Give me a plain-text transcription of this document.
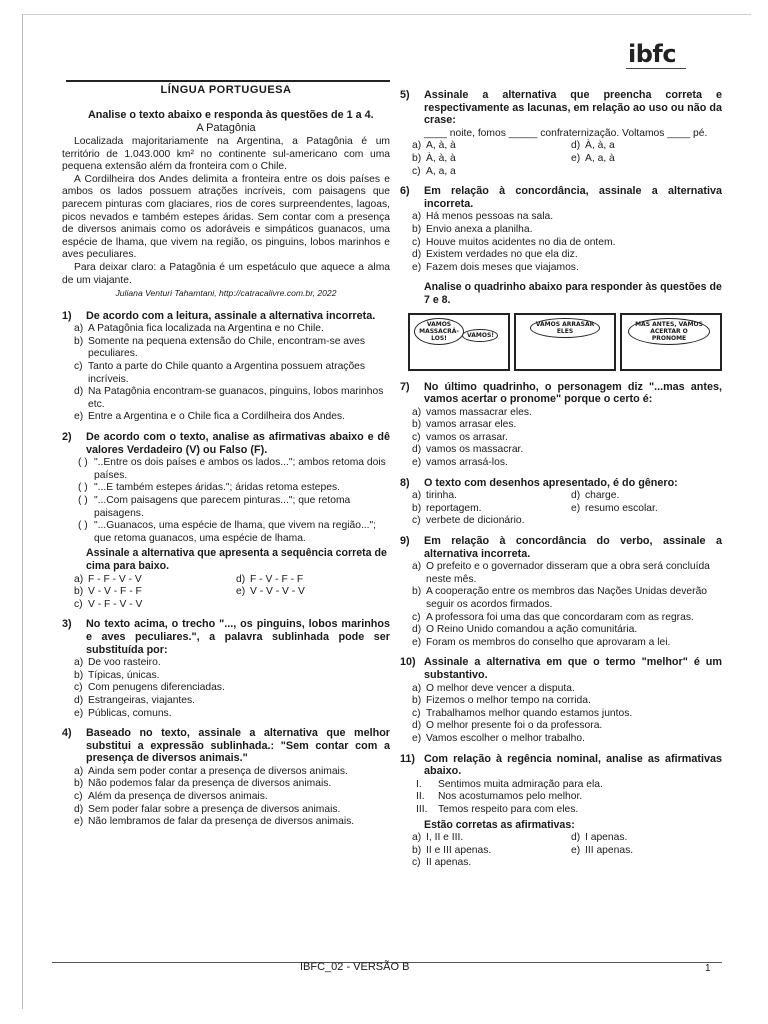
ibfc
LÍNGUA PORTUGUESA
Analise o texto abaixo e responda às questões de 1 a 4.
A Patagônia

Localizada majoritariamente na Argentina, a Patagônia é um território de 1.043.000 km² no continente sul-americano com uma pequena extensão além da fronteira com o Chile.

A Cordilheira dos Andes delimita a fronteira entre os dois países e ambos os lados possuem atrações incríveis, com paisagens que parecem pinturas com glaciares, rios de cores surpreendentes, lagoas, picos nevados e também estepes áridas. Sem contar com a presença de diversos animais como os adoráveis e simpáticos guanacos, uma espécie de lhama, que vivem na região, os pinguins, lobos marinhos e aves peculiares.

Para deixar claro: a Patagônia é um espetáculo que aquece a alma de um viajante.

Juliana Venturi Tahamtani, http://catracalivre.com.br, 2022

1)	De acordo com a leitura, assinale a alternativa incorreta.
a) A Patagônia fica localizada na Argentina e no Chile.
b) Somente na pequena extensão do Chile, encontram-se aves peculiares.
c) Tanto a parte do Chile quanto a Argentina possuem atrações incríveis.
d) Na Patagônia encontram-se guanacos, pinguins, lobos marinhos etc.
e) Entre a Argentina e o Chile fica a Cordilheira dos Andes.
2)	De acordo com o texto, analise as afirmativas abaixo e dê valores Verdadeiro (V) ou Falso (F).
( ) "..Entre os dois países e ambos os lados..."; ambos retoma dois países.
( ) "...E também estepes áridas."; áridas retoma estepes.
( ) "...Com paisagens que parecem pinturas..."; que retoma paisagens.
( ) "...Guanacos, uma espécie de lhama, que vivem na região..."; que retoma guanacos, uma espécie de lhama.
Assinale a alternativa que apresenta a sequência correta de cima para baixo.
a) F - F - V - V	d) F - V - F - F
b) V - V - F - F	e) V - V - V - V
c) V - F - V - V
3)	No texto acima, o trecho "..., os pinguins, lobos marinhos e aves peculiares.", a palavra sublinhada pode ser substituída por:
a) De voo rasteiro.
b) Típicas, únicas.
c) Com penugens diferenciadas.
d) Estrangeiras, viajantes.
e) Públicas, comuns.
4)	Baseado no texto, assinale a alternativa que melhor substitui a expressão sublinhada.: "Sem contar com a presença de diversos animais."
a) Ainda sem poder contar a presença de diversos animais.
b) Não podemos falar da presença de diversos animais.
c) Além da presença de diversos animais.
d) Sem poder falar sobre a presença de diversos animais.
e) Não lembramos de falar da presença de diversos animais.
5)	Assinale a alternativa que preencha correta e respectivamente as lacunas, em relação ao uso ou não da crase:
____ noite, fomos _____ confraternização. Voltamos ____ pé.
a) A, à, à	d) À, à, a
b) À, à, à	e) A, a, à
c) A, a, a
6)	Em relação à concordância, assinale a alternativa incorreta.
a) Há menos pessoas na sala.
b) Envio anexa a planilha.
c) Houve muitos acidentes no dia de ontem.
d) Existem verdades no que ela diz.
e) Fazem dois meses que viajamos.
Analise o quadrinho abaixo para responder às questões de 7 e 8.
VAMOS MASSACRÁ-LOS!	VAMOS!
VAMOS ARRASAR ELES
MAS ANTES, VAMOS ACERTAR O PRONOME
7)	No último quadrinho, o personagem diz "...mas antes, vamos acertar o pronome" porque o certo é:
a) vamos massacrar eles.
b) vamos arrasar eles.
c) vamos os arrasar.
d) vamos os massacrar.
e) vamos arrasá-los.
8)	O texto com desenhos apresentado, é do gênero:
a) tirinha.	d) charge.
b) reportagem.	e) resumo escolar.
c) verbete de dicionário.
9)	Em relação à concordância do verbo, assinale a alternativa incorreta.
a) O prefeito e o governador disseram que a obra será concluída neste mês.
b) A cooperação entre os membros das Nações Unidas deverão seguir os acordos firmados.
c) A professora foi uma das que concordaram com as regras.
d) O Reino Unido comandou a ação comunitária.
e) Foram os membros do conselho que aprovaram a lei.
10) Assinale a alternativa em que o termo "melhor" é um substantivo.
a) O melhor deve vencer a disputa.
b) Fizemos o melhor tempo na corrida.
c) Trabalhamos melhor quando estamos juntos.
d) O melhor presente foi o da professora.
e) Vamos escolher o melhor trabalho.
11) Com relação à regência nominal, analise as afirmativas abaixo.
I.	Sentimos muita admiração para ela.
II.	Nos acostumamos pelo melhor.
III.	Temos respeito para com eles.
Estão corretas as afirmativas:
a) I, II e III.	d) I apenas.
b) II e III apenas.	e) III apenas.
c) II apenas.
IBFC_02 - VERSÃO B	1
